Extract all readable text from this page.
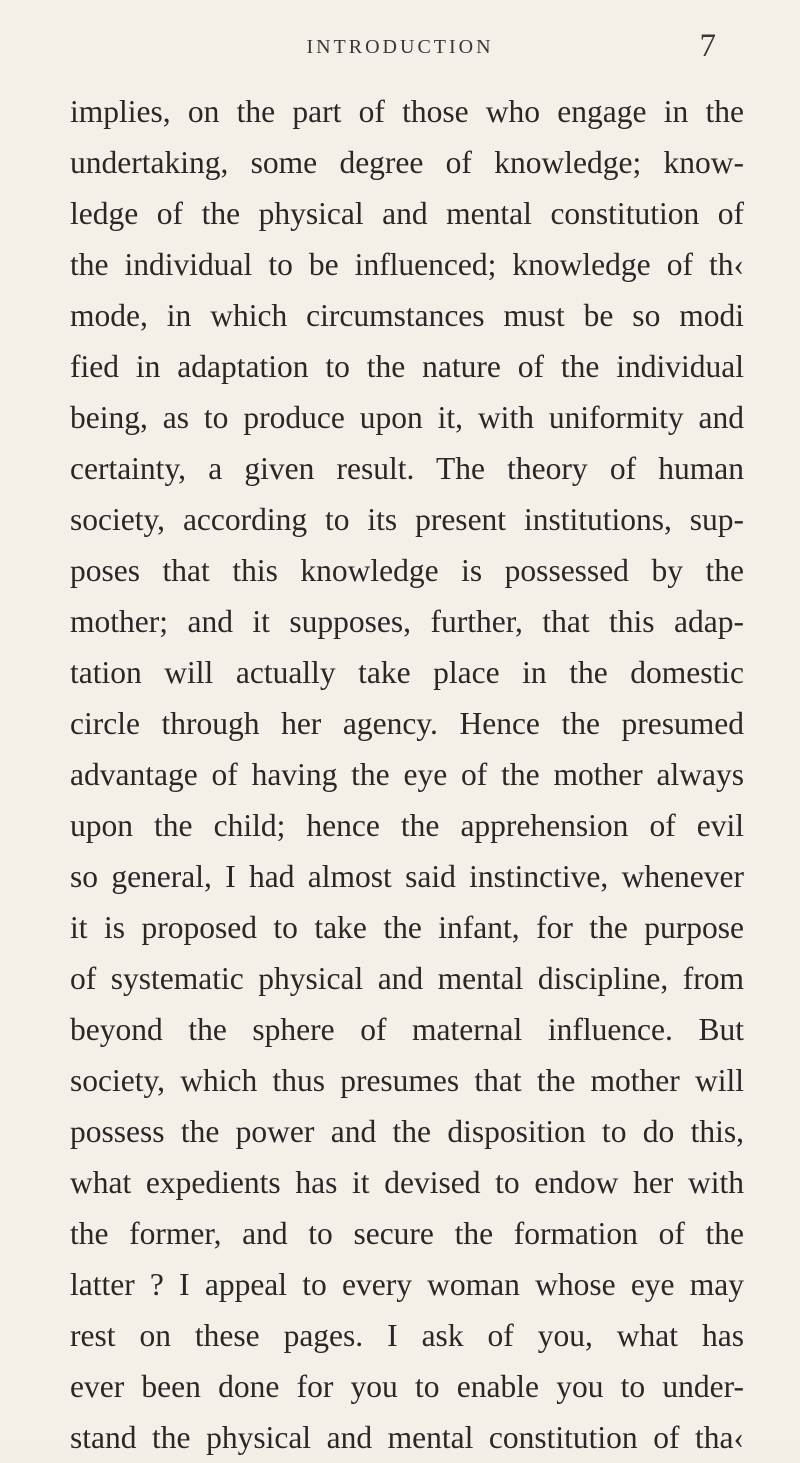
INTRODUCTION	7
implies, on the part of those who engage in the
undertaking, some degree of knowledge; know-
ledge of the physical and mental constitution of
the individual to be influenced; knowledge of th‹
mode, in which circumstances must be so modi
fied in adaptation to the nature of the individual
being, as to produce upon it, with uniformity and
certainty, a given result. The theory of human
society, according to its present institutions, sup-
poses that this knowledge is possessed by the
mother; and it supposes, further, that this adap-
tation will actually take place in the domestic
circle through her agency. Hence the presumed
advantage of having the eye of the mother always
upon the child; hence the apprehension of evil
so general, I had almost said instinctive, whenever
it is proposed to take the infant, for the purpose
of systematic physical and mental discipline, from
beyond the sphere of maternal influence. But
society, which thus presumes that the mother will
possess the power and the disposition to do this,
what expedients has it devised to endow her with
the former, and to secure the formation of the
latter ? I appeal to every woman whose eye may
rest on these pages. I ask of you, what has
ever been done for you to enable you to under-
stand the physical and mental constitution of tha‹
